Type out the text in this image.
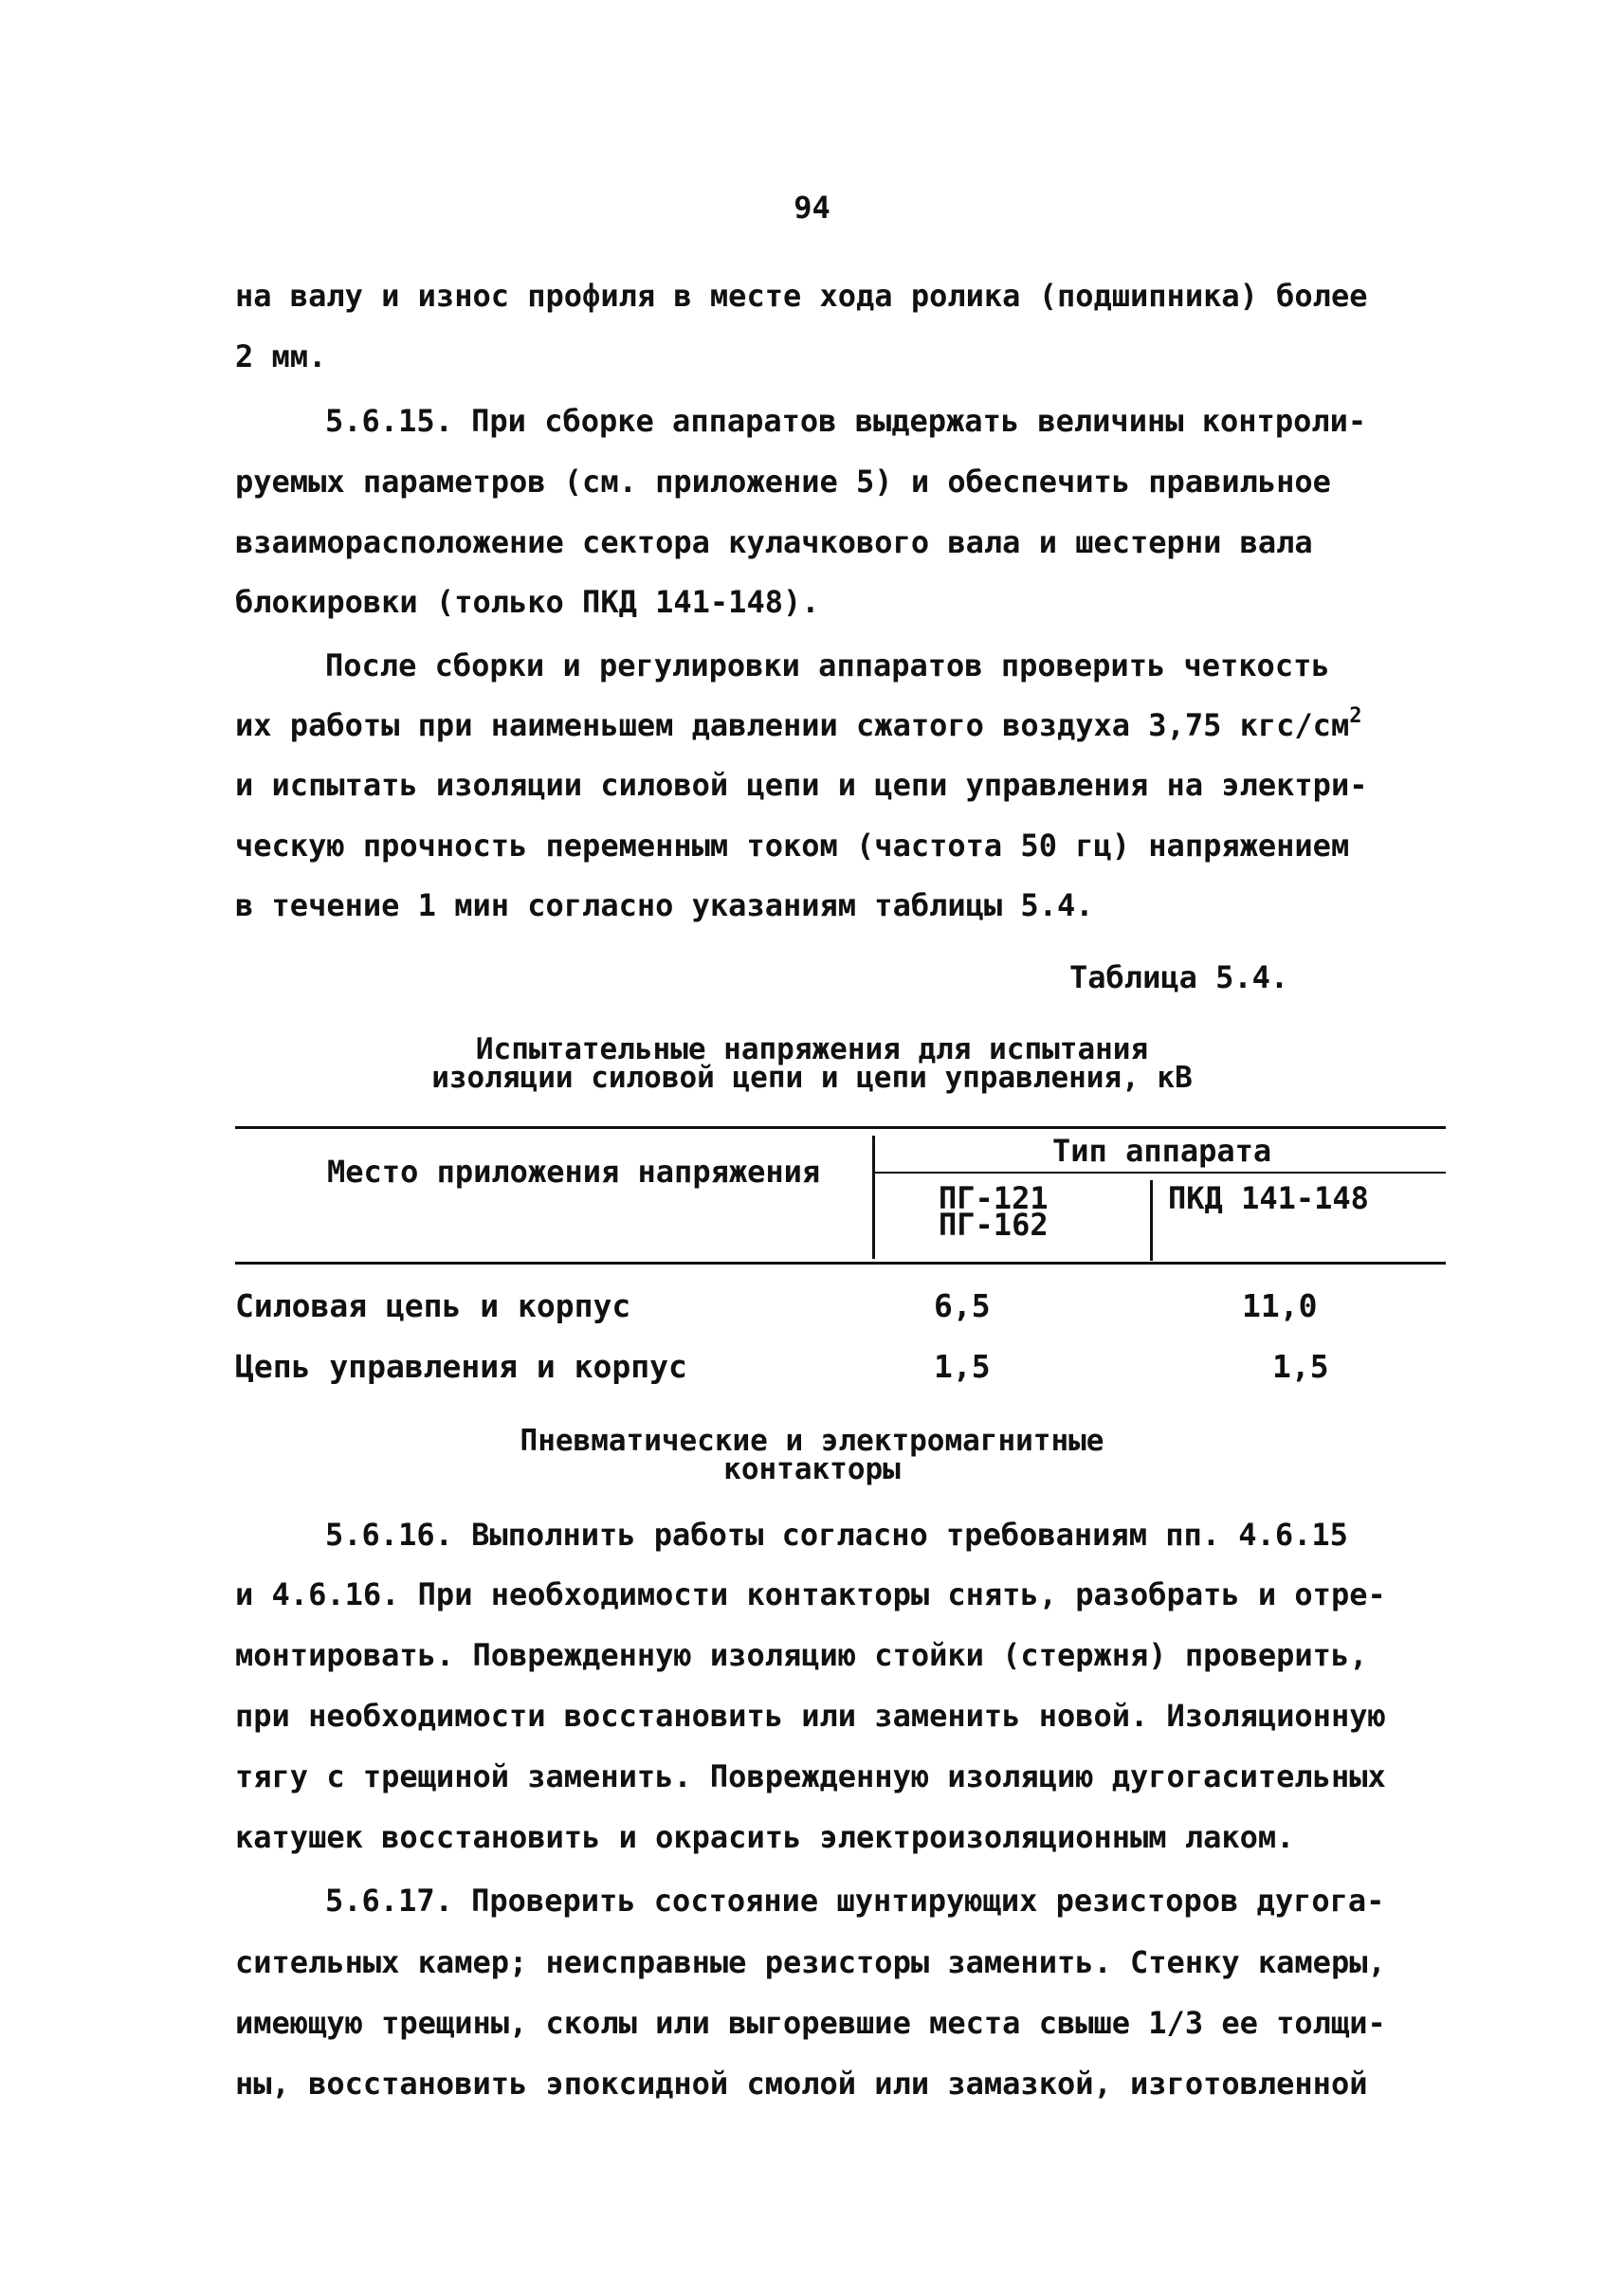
94
на валу и износ профиля в месте хода ролика (подшипника) более
2 мм.
5.6.15. При сборке аппаратов выдержать величины контроли-
руемых параметров (см. приложение 5) и обеспечить правильное
взаиморасположение сектора кулачкового вала и шестерни вала
блокировки (только ПКД 141-148).
После сборки и регулировки аппаратов проверить четкость
их работы при наименьшем давлении сжатого воздуха 3,75 кгс/$см^2$
и испытать изоляции силовой цепи и цепи управления на электри-
ческую прочность переменным током (частота 50 гц) напряжением
в течение 1 мин согласно указаниям таблицы 5.4.
Таблица 5.4.
Испытательные напряжения для испытания
изоляции силовой цепи и цепи управления, кВ
Место приложения напряжения
Тип аппарата
ПГ-121
ПГ-162
ПКД 141-148
Силовая цепь и корпус	6,5	11,0
Цепь управления и корпус	1,5	1,5
Пневматические и электромагнитные
контакторы
5.6.16. Выполнить работы согласно требованиям пп. 4.6.15
и 4.6.16. При необходимости контакторы снять, разобрать и отре-
монтировать. Поврежденную изоляцию стойки (стержня) проверить,
при необходимости восстановить или заменить новой. Изоляционную
тягу с трещиной заменить. Поврежденную изоляцию дугогасительных
катушек восстановить и окрасить электроизоляционным лаком.
5.6.17. Проверить состояние шунтирующих резисторов дугога-
сительных камер; неисправные резисторы заменить. Стенку камеры,
имеющую трещины, сколы или выгоревшие места свыше 1/3 ее толщи-
ны, восстановить эпоксидной смолой или замазкой, изготовленной
